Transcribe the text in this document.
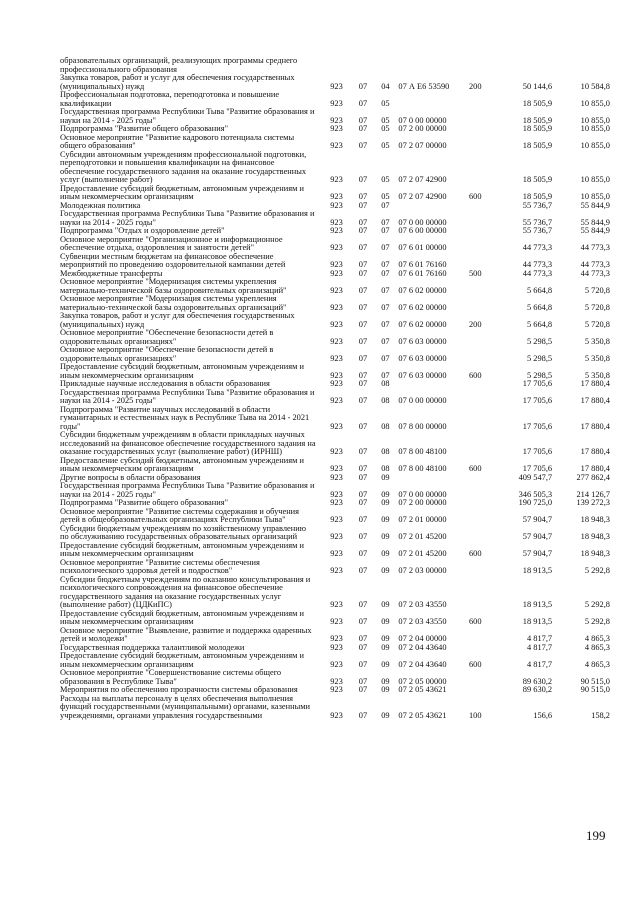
образовательных организаций, реализующих программы среднего профессионального образования
Закупка товаров, работ и услуг для обеспечения государственных (муниципальных) нужд	923	07	04	07 А Е6 53590	200	50 144,6	10 584,8
Профессиональная подготовка, переподготовка и повышение квалификации	923	07	05	18 505,9	10 855,0
Государственная программа Республики Тыва "Развитие образования и науки на 2014 - 2025 годы"	923	07	05	07 0 00 00000	18 505,9	10 855,0
Подпрограмма "Развитие общего образования"	923	07	05	07 2 00 00000	18 505,9	10 855,0
Основное мероприятие "Развитие кадрового потенциала системы общего образования"	923	07	05	07 2 07 00000	18 505,9	10 855,0
Субсидии автономным учреждениям профессиональной подготовки, переподготовки и повышения квалификации на финансовое обеспечение государственного задания на оказание государственных услуг (выполнение работ)	923	07	05	07 2 07 42900	18 505,9	10 855,0
Предоставление субсидий бюджетным, автономным учреждениям и иным некоммерческим организациям	923	07	05	07 2 07 42900	600	18 505,9	10 855,0
Молодежная политика	923	07	07	55 736,7	55 844,9
Государственная программа Республики Тыва "Развитие образования и науки на 2014 - 2025 годы"	923	07	07	07 0 00 00000	55 736,7	55 844,9
Подпрограмма "Отдых и оздоровление детей"	923	07	07	07 6 00 00000	55 736,7	55 844,9
Основное мероприятие "Организационное и информационное обеспечение отдыха, оздоровления и занятости детей"	923	07	07	07 6 01 00000	44 773,3	44 773,3
Субвенции местным бюджетам на финансовое обеспечение мероприятий по проведению оздоровительной кампании детей	923	07	07	07 6 01 76160	44 773,3	44 773,3
Межбюджетные трансферты	923	07	07	07 6 01 76160	500	44 773,3	44 773,3
Основное мероприятие "Модернизация системы укрепления материально-технической базы оздоровительных организаций"	923	07	07	07 6 02 00000	5 664,8	5 720,8
Основное мероприятие "Модернизация системы укрепления материально-технической базы оздоровительных организаций"	923	07	07	07 6 02 00000	5 664,8	5 720,8
Закупка товаров, работ и услуг для обеспечения государственных (муниципальных) нужд	923	07	07	07 6 02 00000	200	5 664,8	5 720,8
Основное мероприятие "Обеспечение безопасности детей в оздоровительных организациях"	923	07	07	07 6 03 00000	5 298,5	5 350,8
Основное мероприятие "Обеспечение безопасности детей в оздоровительных организациях"	923	07	07	07 6 03 00000	5 298,5	5 350,8
Предоставление субсидий бюджетным, автономным учреждениям и иным некоммерческим организациям	923	07	07	07 6 03 00000	600	5 298,5	5 350,8
Прикладные научные исследования в области образования	923	07	08	17 705,6	17 880,4
Государственная программа Республики Тыва "Развитие образования и науки на 2014 - 2025 годы"	923	07	08	07 0 00 00000	17 705,6	17 880,4
Подпрограмма "Развитие научных исследований в области гуманитарных и естественных наук в Республике Тыва на 2014 - 2021 годы"	923	07	08	07 8 00 00000	17 705,6	17 880,4
Субсидии бюджетным учреждениям в области прикладных научных исследований на финансовое обеспечение государственного задания на оказание государственных услуг (выполнение работ) (ИРНШ)	923	07	08	07 8 00 48100	17 705,6	17 880,4
Предоставление субсидий бюджетным, автономным учреждениям и иным некоммерческим организациям	923	07	08	07 8 00 48100	600	17 705,6	17 880,4
Другие вопросы в области образования	923	07	09	409 547,7	277 862,4
Государственная программа Республики Тыва "Развитие образования и науки на 2014 - 2025 годы"	923	07	09	07 0 00 00000	346 505,3	214 126,7
Подпрограмма "Развитие общего образования"	923	07	09	07 2 00 00000	190 725,0	139 272,3
Основное мероприятие "Развитие системы содержания и обучения детей в общеобразовательных организациях Республики Тыва"	923	07	09	07 2 01 00000	57 904,7	18 948,3
Субсидии бюджетным учреждениям по хозяйственному управлению по обслуживанию государственных образовательных организаций	923	07	09	07 2 01 45200	57 904,7	18 948,3
Предоставление субсидий бюджетным, автономным учреждениям и иным некоммерческим организациям	923	07	09	07 2 01 45200	600	57 904,7	18 948,3
Основное мероприятие "Развитие системы обеспечения психологического здоровья детей и подростков"	923	07	09	07 2 03 00000	18 913,5	5 292,8
Субсидии бюджетным учреждениям по оказанию консультирования и психологического сопровождения на финансовое обеспечение государственного задания на оказание государственных услуг (выполнение работ) (ЦДКиПС)	923	07	09	07 2 03 43550	18 913,5	5 292,8
Предоставление субсидий бюджетным, автономным учреждениям и иным некоммерческим организациям	923	07	09	07 2 03 43550	600	18 913,5	5 292,8
Основное мероприятие "Выявление, развитие и поддержка одаренных детей и молодежи"	923	07	09	07 2 04 00000	4 817,7	4 865,3
Государственная поддержка талантливой молодежи	923	07	09	07 2 04 43640	4 817,7	4 865,3
Предоставление субсидий бюджетным, автономным учреждениям и иным некоммерческим организациям	923	07	09	07 2 04 43640	600	4 817,7	4 865,3
Основное мероприятие "Совершенствование системы общего образования в Республике Тыва"	923	07	09	07 2 05 00000	89 630,2	90 515,0
Мероприятия по обеспечению прозрачности системы образования	923	07	09	07 2 05 43621	89 630,2	90 515,0
Расходы на выплаты персоналу в целях обеспечения выполнения функций государственными (муниципальными) органами, казенными учреждениями, органами управления государственными	923	07	09	07 2 05 43621	100	156,6	158,2
199
